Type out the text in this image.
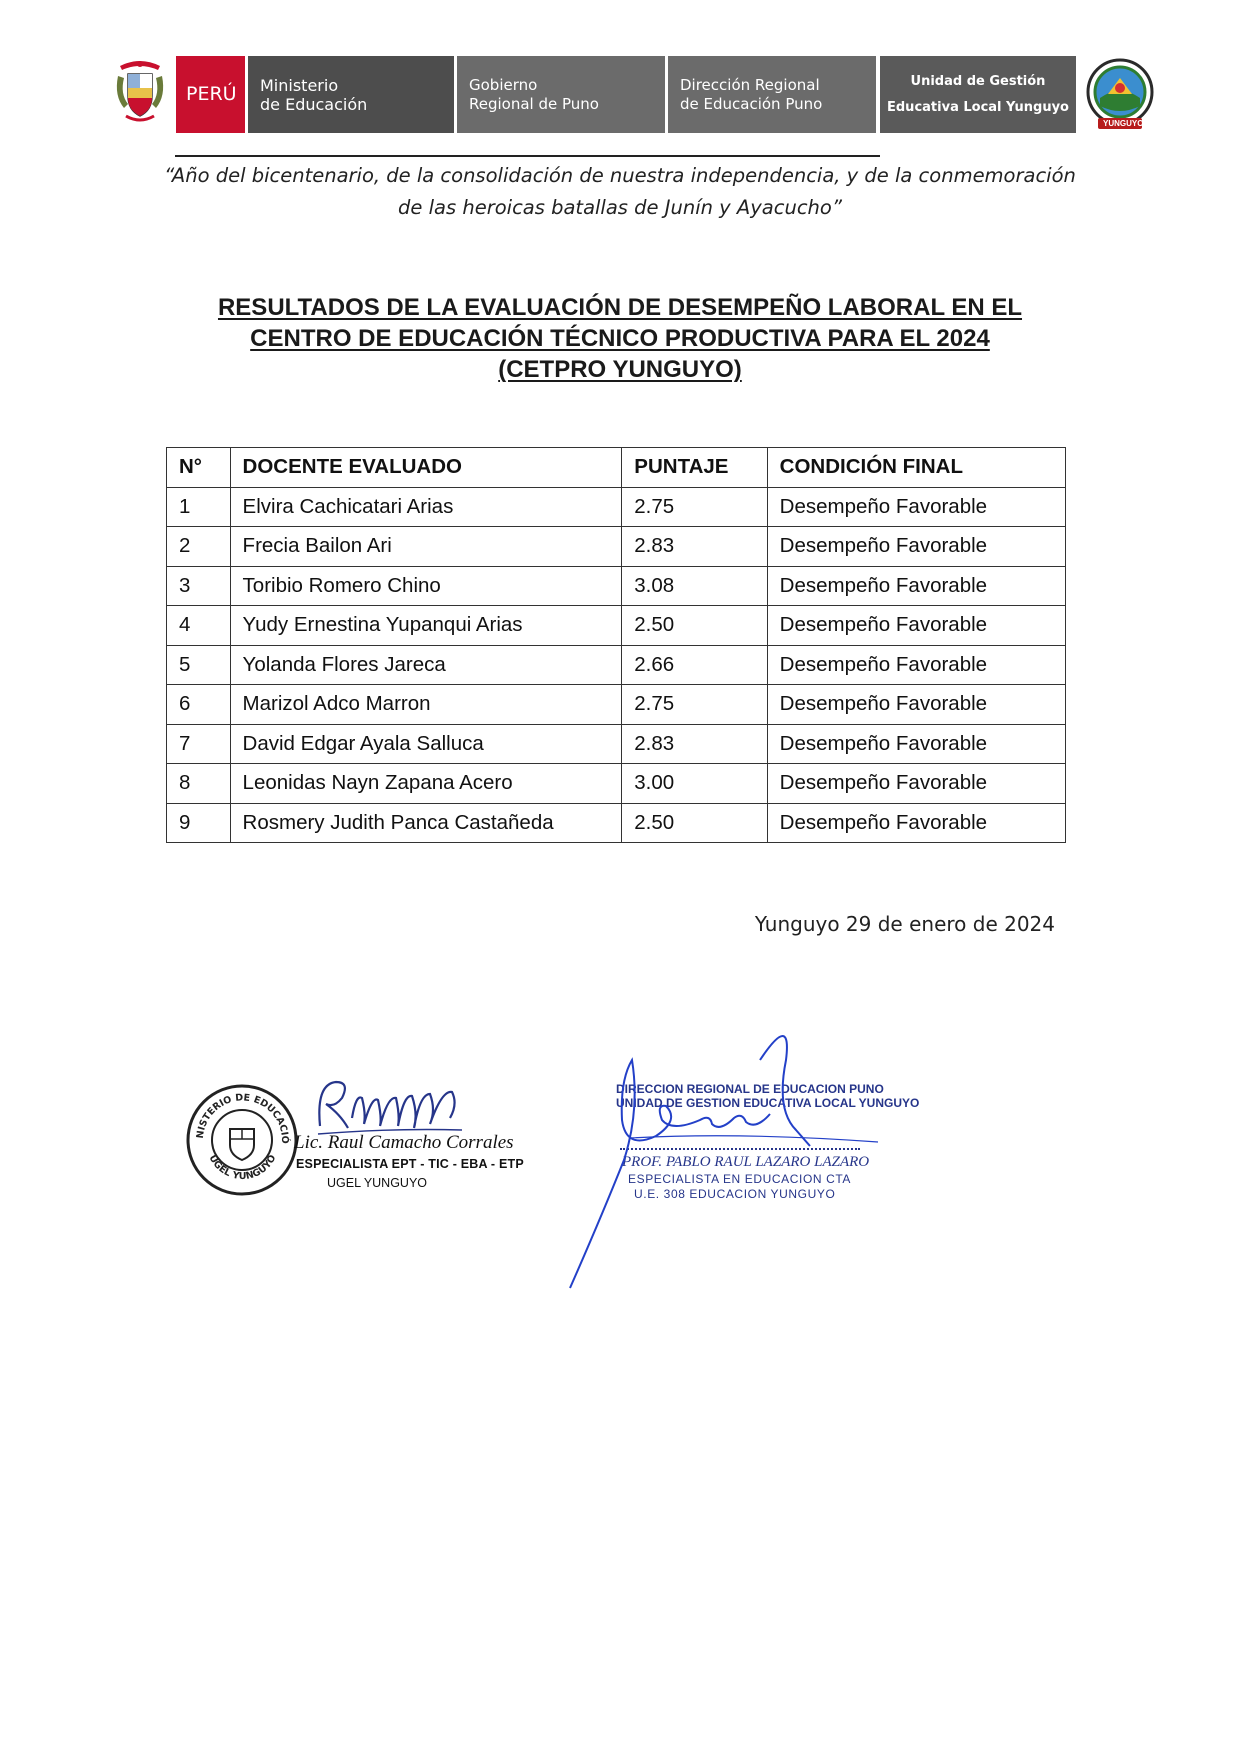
PERÚ	Ministerio
de Educación
Gobierno
Regional de Puno
Dirección Regional
de Educación Puno
Unidad de Gestión
Educativa Local Yunguyo
YUNGUYO
“Año del bicentenario, de la consolidación de nuestra independencia, y de la conmemoración
de las heroicas batallas de Junín y Ayacucho”
RESULTADOS DE LA EVALUACIÓN DE DESEMPEÑO LABORAL EN EL
CENTRO DE EDUCACIÓN TÉCNICO PRODUCTIVA PARA EL 2024
(CETPRO YUNGUYO)
N°	DOCENTE EVALUADO	PUNTAJE	CONDICIÓN FINAL
1	Elvira Cachicatari Arias	2.75	Desempeño Favorable
2	Frecia Bailon Ari	2.83	Desempeño Favorable
3	Toribio Romero Chino	3.08	Desempeño Favorable
4	Yudy Ernestina Yupanqui Arias	2.50	Desempeño Favorable
5	Yolanda Flores Jareca	2.66	Desempeño Favorable
6	Marizol Adco Marron	2.75	Desempeño Favorable
7	David Edgar Ayala Salluca	2.83	Desempeño Favorable
8	Leonidas Nayn Zapana Acero	3.00	Desempeño Favorable
9	Rosmery Judith Panca Castañeda	2.50	Desempeño Favorable
Yunguyo 29 de enero de 2024
NISTERIO DE EDUCACIÓ
UGEL YUNGUYO
Lic. Raul Camacho Corrales
ESPECIALISTA EPT - TIC - EBA - ETP
UGEL YUNGUYO
DIRECCION REGIONAL DE EDUCACION PUNO
UNIDAD DE GESTION EDUCATIVA LOCAL YUNGUYO
PROF. PABLO RAUL LAZARO LAZARO
ESPECIALISTA EN EDUCACION CTA
U.E. 308 EDUCACION YUNGUYO
